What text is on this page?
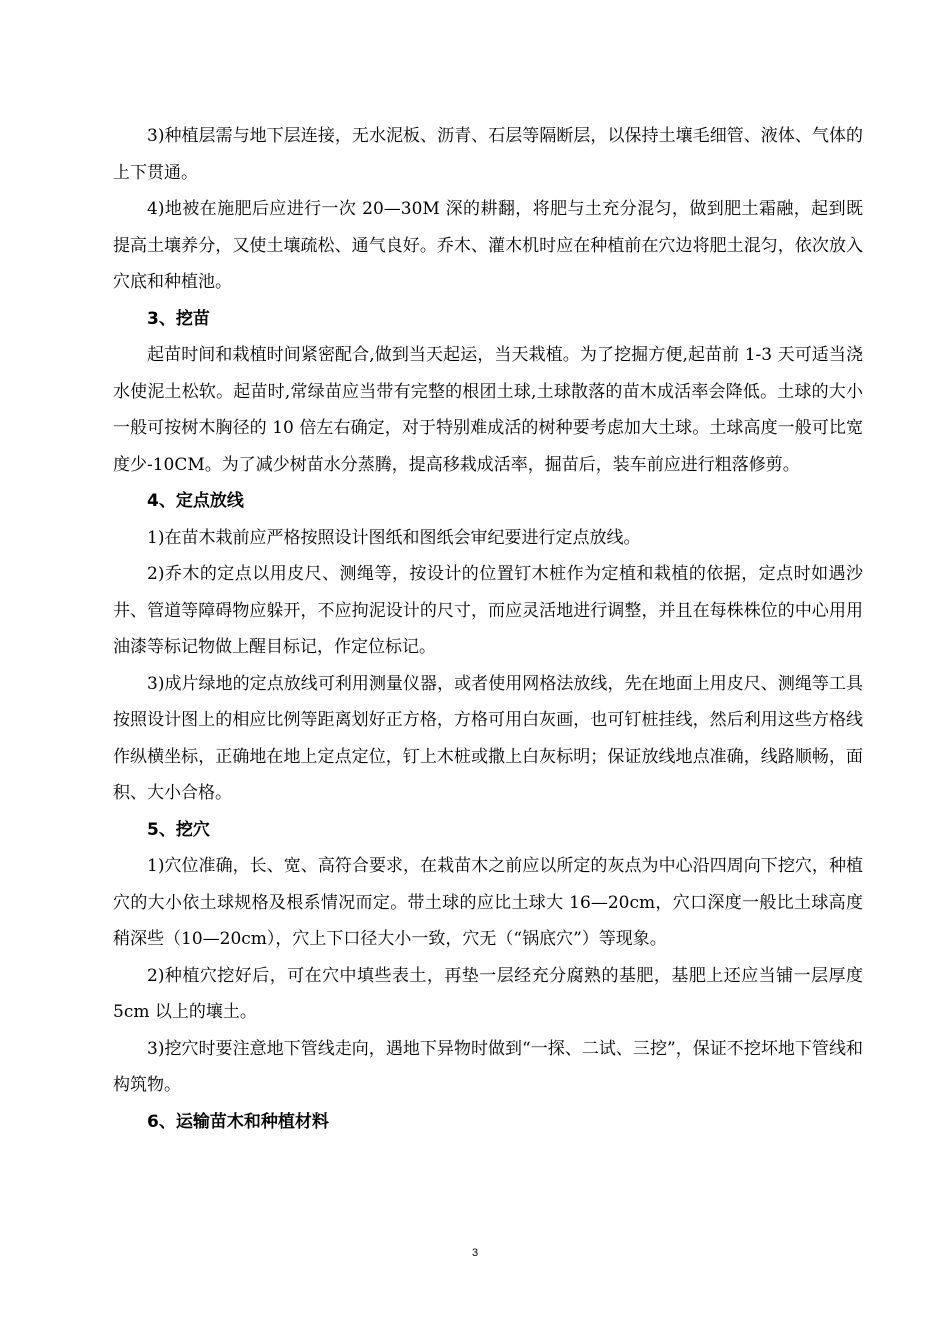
3)种植层需与地下层连接，无水泥板、沥青、石层等隔断层，以保持土壤毛细管、液体、气体的上下贯通。

4)地被在施肥后应进行一次 20—30M 深的耕翻，将肥与土充分混匀，做到肥土霜融，起到既提高土壤养分，又使土壤疏松、通气良好。乔木、灌木机时应在种植前在穴边将肥土混匀，依次放入穴底和种植池。

3、挖苗

起苗时间和栽植时间紧密配合,做到当天起运，当天栽植。为了挖掘方便,起苗前 1-3 天可适当浇水使泥土松软。起苗时,常绿苗应当带有完整的根团土球,土球散落的苗木成活率会降低。土球的大小一般可按树木胸径的 10 倍左右确定，对于特别难成活的树种要考虑加大土球。土球高度一般可比宽度少-10CM。为了减少树苗水分蒸腾，提高移栽成活率，掘苗后，装车前应进行粗落修剪。

4、定点放线

1)在苗木栽前应严格按照设计图纸和图纸会审纪要进行定点放线。

2)乔木的定点以用皮尺、测绳等，按设计的位置钉木桩作为定植和栽植的依据，定点时如遇沙井、管道等障碍物应躲开，不应拘泥设计的尺寸，而应灵活地进行调整，并且在每株株位的中心用用油漆等标记物做上醒目标记，作定位标记。

3)成片绿地的定点放线可利用测量仪器，或者使用网格法放线，先在地面上用皮尺、测绳等工具按照设计图上的相应比例等距离划好正方格，方格可用白灰画，也可钉桩挂线，然后利用这些方格线作纵横坐标，正确地在地上定点定位，钉上木桩或撒上白灰标明；保证放线地点准确，线路顺畅，面积、大小合格。

5、挖穴

1)穴位准确，长、宽、高符合要求，在栽苗木之前应以所定的灰点为中心沿四周向下挖穴，种植穴的大小依土球规格及根系情况而定。带土球的应比土球大 16—20cm，穴口深度一般比土球高度稍深些（10—20cm），穴上下口径大小一致，穴无（“锅底穴”）等现象。

2)种植穴挖好后，可在穴中填些表土，再垫一层经充分腐熟的基肥，基肥上还应当铺一层厚度 5cm 以上的壤土。

3)挖穴时要注意地下管线走向，遇地下异物时做到“一探、二试、三挖”，保证不挖坏地下管线和构筑物。

6、运输苗木和种植材料

3
